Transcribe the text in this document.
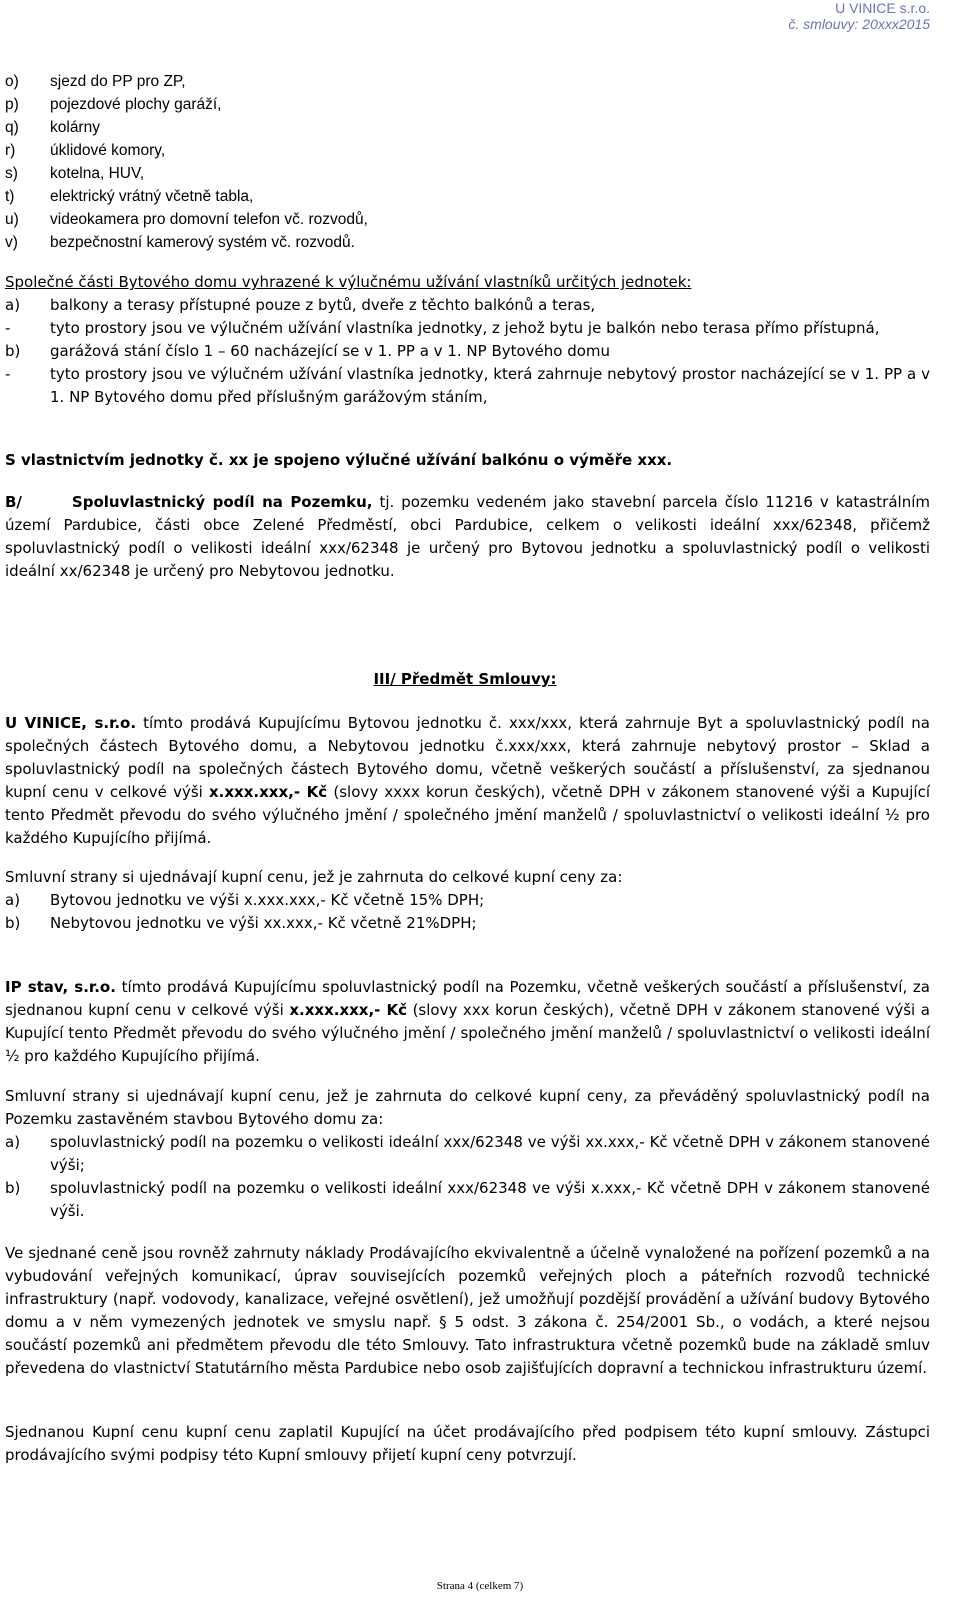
U VINICE s.r.o.
č. smlouvy: 20xxx2015
o)	sjezd do PP pro ZP,
p)	pojezdové plochy garáží,
q)	kolárny
r)	úklidové komory,
s)	kotelna, HUV,
t)	elektrický vrátný včetně tabla,
u)	videokamera pro domovní telefon vč. rozvodů,
v)	bezpečnostní kamerový systém vč. rozvodů.
Společné části Bytového domu vyhrazené k výlučnému užívání vlastníků určitých jednotek:
a)	balkony a terasy přístupné pouze z bytů, dveře z těchto balkónů a teras,
-	tyto prostory jsou ve výlučném užívání vlastníka jednotky, z jehož bytu je balkón nebo terasa přímo přístupná,
b)	garážová stání číslo 1 – 60 nacházející se v 1. PP a v 1. NP Bytového domu
-	tyto prostory jsou ve výlučném užívání vlastníka jednotky, která zahrnuje nebytový prostor nacházející se v 1. PP a v 1. NP Bytového domu před příslušným garážovým stáním,
S vlastnictvím jednotky č. xx je spojeno výlučné užívání balkónu o výměře xxx.
B/	Spoluvlastnický podíl na Pozemku, tj. pozemku vedeném jako stavební parcela číslo 11216 v katastrálním území Pardubice, části obce Zelené Předměstí, obci Pardubice, celkem o velikosti ideální xxx/62348, přičemž spoluvlastnický podíl o velikosti ideální xxx/62348 je určený pro Bytovou jednotku a spoluvlastnický podíl o velikosti ideální xx/62348 je určený pro Nebytovou jednotku.
III/ Předmět Smlouvy:
U VINICE, s.r.o. tímto prodává Kupujícímu Bytovou jednotku č. xxx/xxx, která zahrnuje Byt a spoluvlastnický podíl na společných částech Bytového domu, a Nebytovou jednotku č.xxx/xxx, která zahrnuje nebytový prostor – Sklad a spoluvlastnický podíl na společných částech Bytového domu, včetně veškerých součástí a příslušenství, za sjednanou kupní cenu v celkové výši x.xxx.xxx,- Kč (slovy xxxx korun českých), včetně DPH v zákonem stanovené výši a Kupující tento Předmět převodu do svého výlučného jmění / společného jmění manželů / spoluvlastnictví o velikosti ideální ½ pro každého Kupujícího přijímá.
Smluvní strany si ujednávají kupní cenu, jež je zahrnuta do celkové kupní ceny za:
a)	Bytovou jednotku ve výši x.xxx.xxx,- Kč včetně 15% DPH;
b)	Nebytovou jednotku ve výši xx.xxx,- Kč včetně 21%DPH;
IP stav, s.r.o. tímto prodává Kupujícímu spoluvlastnický podíl na Pozemku, včetně veškerých součástí a příslušenství, za sjednanou kupní cenu v celkové výši x.xxx.xxx,- Kč (slovy xxx korun českých), včetně DPH v zákonem stanovené výši a Kupující tento Předmět převodu do svého výlučného jmění / společného jmění manželů / spoluvlastnictví o velikosti ideální ½ pro každého Kupujícího přijímá.
Smluvní strany si ujednávají kupní cenu, jež je zahrnuta do celkové kupní ceny, za převáděný spoluvlastnický podíl na Pozemku zastavěném stavbou Bytového domu za:
a)	spoluvlastnický podíl na pozemku o velikosti ideální xxx/62348 ve výši xx.xxx,- Kč včetně DPH v zákonem stanovené výši;
b)	spoluvlastnický podíl na pozemku o velikosti ideální xxx/62348 ve výši x.xxx,- Kč včetně DPH v zákonem stanovené výši.
Ve sjednané ceně jsou rovněž zahrnuty náklady Prodávajícího ekvivalentně a účelně vynaložené na pořízení pozemků a na vybudování veřejných komunikací, úprav souvisejících pozemků veřejných ploch a páteřních rozvodů technické infrastruktury (např. vodovody, kanalizace, veřejné osvětlení), jež umožňují pozdější provádění a užívání budovy Bytového domu a v něm vymezených jednotek ve smyslu např. § 5 odst. 3 zákona č. 254/2001 Sb., o vodách, a které nejsou součástí pozemků ani předmětem převodu dle této Smlouvy. Tato infrastruktura včetně pozemků bude na základě smluv převedena do vlastnictví Statutárního města Pardubice nebo osob zajišťujících dopravní a technickou infrastrukturu území.
Sjednanou Kupní cenu kupní cenu zaplatil Kupující na účet prodávajícího před podpisem této kupní smlouvy. Zástupci prodávajícího svými podpisy této Kupní smlouvy přijetí kupní ceny potvrzují.
Strana 4 (celkem 7)
